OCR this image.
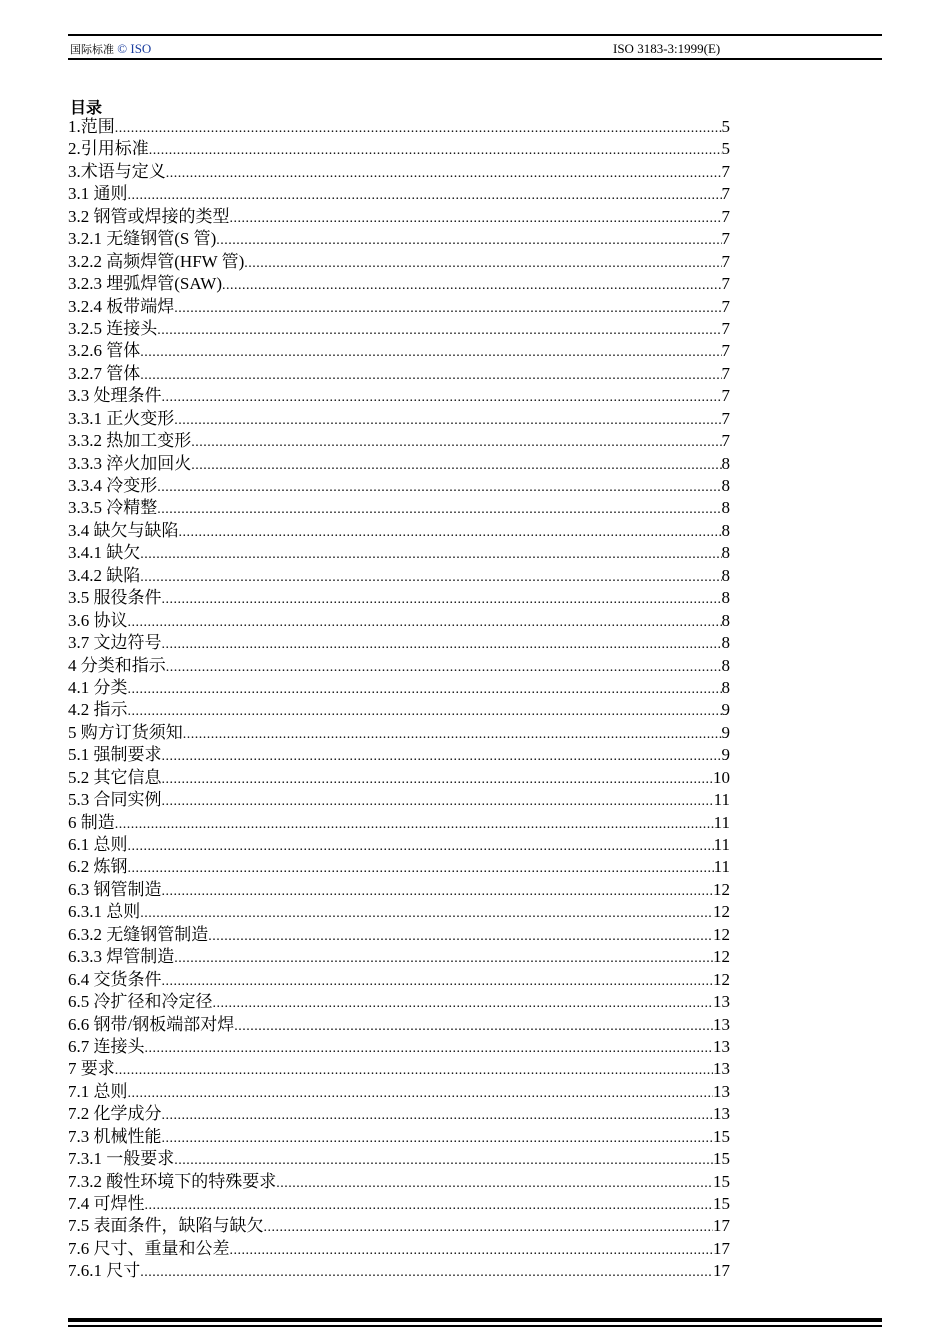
国际标准 © ISO	ISO 3183-3:1999(E)
目录
1.范围 .....	5
2.引用标准 .....	5
3.术语与定义 .....	7
3.1 通则 .....	7
3.2 钢管或焊接的类型 .....	7
3.2.1 无缝钢管(S 管) .....	7
3.2.2 高频焊管(HFW 管) .....	7
3.2.3 埋弧焊管(SAW) .....	7
3.2.4 板带端焊 .....	7
3.2.5 连接头 .....	7
3.2.6 管体 .....	7
3.2.7 管体 .....	7
3.3 处理条件 .....	7
3.3.1 正火变形 .....	7
3.3.2 热加工变形 .....	7
3.3.3 淬火加回火 .....	8
3.3.4 冷变形 .....	8
3.3.5 冷精整 .....	8
3.4 缺欠与缺陷 .....	8
3.4.1 缺欠 .....	8
3.4.2 缺陷 .....	8
3.5 服役条件 .....	8
3.6 协议 .....	8
3.7 文边符号 .....	8
4 分类和指示 .....	8
4.1 分类 .....	8
4.2 指示 .....	9
5 购方订货须知 .....	9
5.1 强制要求 .....	9
5.2 其它信息 .....	10
5.3 合同实例 .....	11
6 制造 .....	11
6.1 总则 .....	11
6.2 炼钢 .....	11
6.3 钢管制造 .....	12
6.3.1 总则 .....	12
6.3.2 无缝钢管制造 .....	12
6.3.3 焊管制造 .....	12
6.4 交货条件 .....	12
6.5 冷扩径和冷定径 .....	13
6.6 钢带/钢板端部对焊 .....	13
6.7 连接头 .....	13
7 要求 .....	13
7.1 总则 .....	13
7.2 化学成分 .....	13
7.3 机械性能 .....	15
7.3.1 一般要求 .....	15
7.3.2 酸性环境下的特殊要求 .....	15
7.4 可焊性 .....	15
7.5 表面条件，缺陷与缺欠 .....	17
7.6 尺寸、重量和公差 .....	17
7.6.1 尺寸 .....	17
